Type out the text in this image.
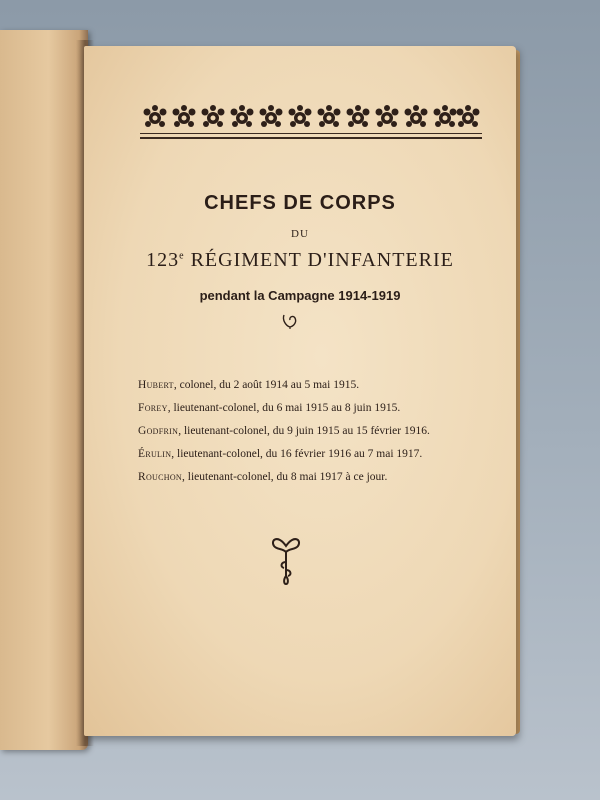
CHEFS DE CORPS
DU
123e RÉGIMENT D'INFANTERIE
pendant la Campagne 1914-1919

Hubert, colonel, du 2 août 1914 au 5 mai 1915.

Forey, lieutenant-colonel, du 6 mai 1915 au 8 juin 1915.

Godfrin, lieutenant-colonel, du 9 juin 1915 au 15 février 1916.

Érulin, lieutenant-colonel, du 16 février 1916 au 7 mai 1917.

Rouchon, lieutenant-colonel, du 8 mai 1917 à ce jour.
